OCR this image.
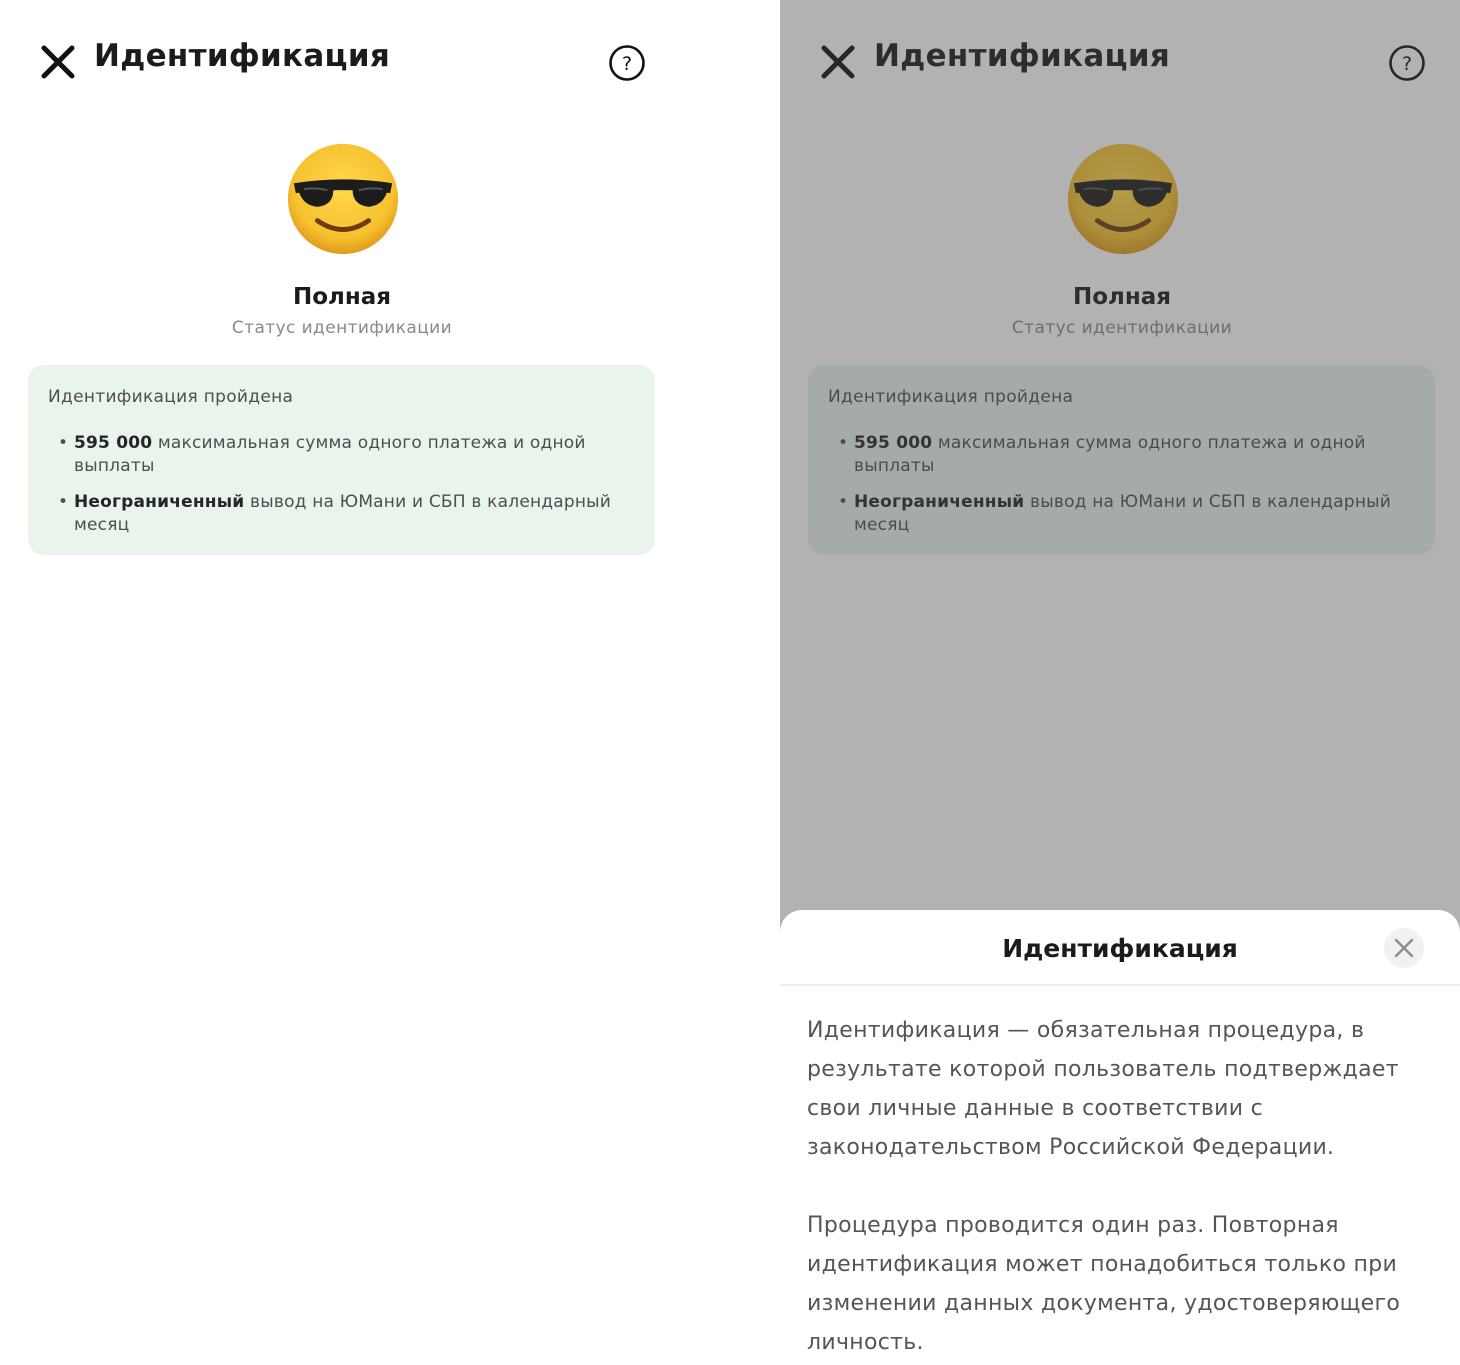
Идентификация	?
Полная
Статус идентификации
Идентификация пройдена
• 595 000 максимальная сумма одного платежа и одной выплаты
• Неограниченный вывод на ЮМани и СБП в календарный месяц
Идентификация	?
Полная
Статус идентификации
Идентификация пройдена
• 595 000 максимальная сумма одного платежа и одной выплаты
• Неограниченный вывод на ЮМани и СБП в календарный месяц
Идентификация
Идентификация — обязательная процедура, в результате которой пользователь подтверждает свои личные данные в соответствии с законодательством Российской Федерации.
Процедура проводится один раз. Повторная идентификация может понадобиться только при изменении данных документа, удостоверяющего личность.
